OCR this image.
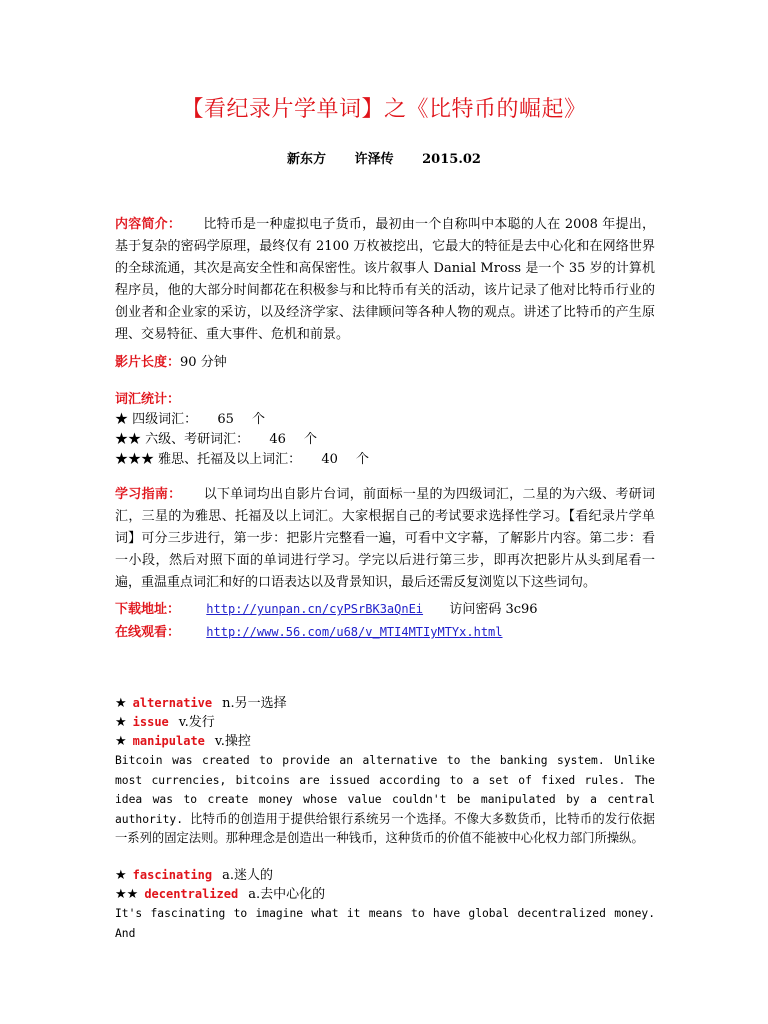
【看纪录片学单词】之《比特币的崛起》
新东方 许泽传 2015.02
内容简介： 比特币是一种虚拟电子货币，最初由一个自称叫中本聪的人在 2008 年提出，基于复杂的密码学原理，最终仅有 2100 万枚被挖出，它最大的特征是去中心化和在网络世界的全球流通，其次是高安全性和高保密性。该片叙事人 Danial Mross 是一个 35 岁的计算机程序员，他的大部分时间都花在积极参与和比特币有关的活动，该片记录了他对比特币行业的创业者和企业家的采访，以及经济学家、法律顾问等各种人物的观点。讲述了比特币的产生原理、交易特征、重大事件、危机和前景。
影片长度：90 分钟
词汇统计：
★ 四级词汇： 65 个
★★ 六级、考研词汇： 46 个
★★★ 雅思、托福及以上词汇： 40 个
学习指南： 以下单词均出自影片台词，前面标一星的为四级词汇，二星的为六级、考研词汇，三星的为雅思、托福及以上词汇。大家根据自己的考试要求选择性学习。【看纪录片学单词】可分三步进行，第一步：把影片完整看一遍，可看中文字幕，了解影片内容。第二步：看一小段，然后对照下面的单词进行学习。学完以后进行第三步，即再次把影片从头到尾看一遍，重温重点词汇和好的口语表达以及背景知识，最后还需反复浏览以下这些词句。
下载地址： http://yunpan.cn/cyPSrBK3aQnEi 访问密码 3c96
在线观看： http://www.56.com/u68/v_MTI4MTIyMTYx.html
★ alternative n.另一选择
★ issue v.发行
★ manipulate v.操控
Bitcoin was created to provide an alternative to the banking system. Unlike most currencies, bitcoins are issued according to a set of fixed rules. The idea was to create money whose value couldn't be manipulated by a central authority. 比特币的创造用于提供给银行系统另一个选择。不像大多数货币，比特币的发行依据一系列的固定法则。那种理念是创造出一种钱币，这种货币的价值不能被中心化权力部门所操纵。
★ fascinating a.迷人的
★★ decentralized a.去中心化的
It's fascinating to imagine what it means to have global decentralized money. And
